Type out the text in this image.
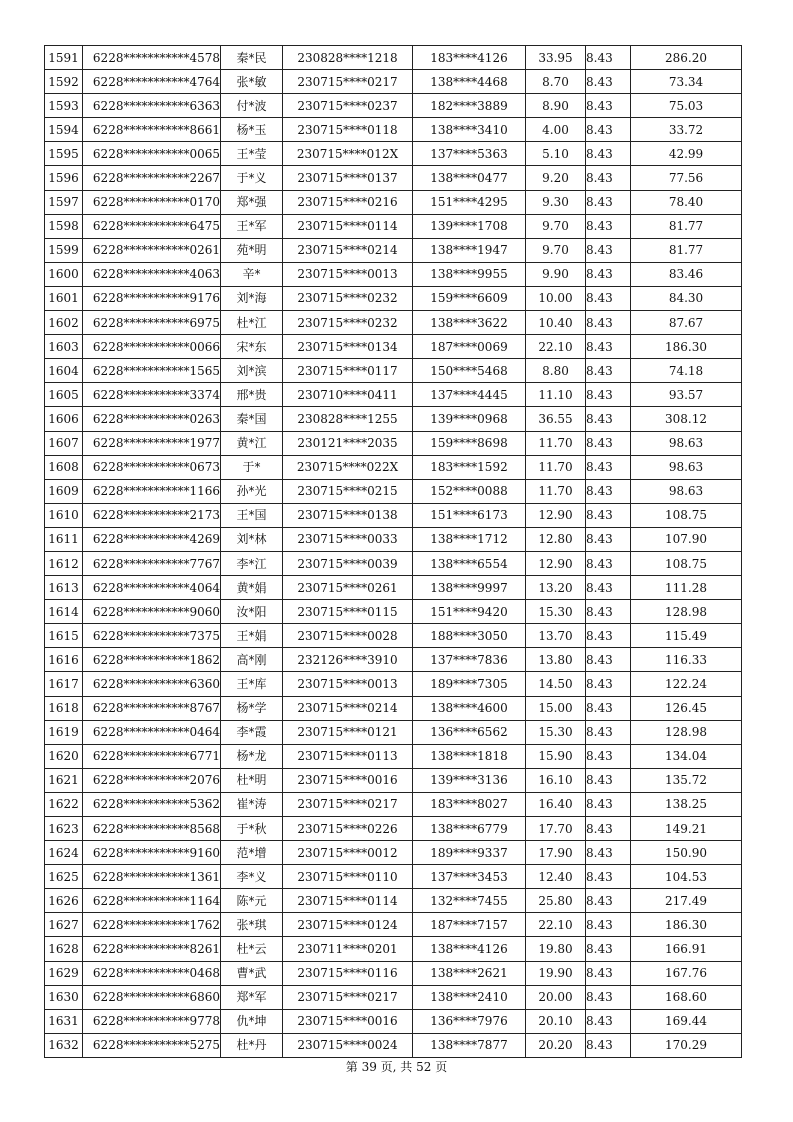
1591	6228***********4578	秦*民	230828****1218	183****4126	33.95	8.43	286.20
1592	6228***********4764	张*敏	230715****0217	138****4468	8.70	8.43	73.34
1593	6228***********6363	付*波	230715****0237	182****3889	8.90	8.43	75.03
1594	6228***********8661	杨*玉	230715****0118	138****3410	4.00	8.43	33.72
1595	6228***********0065	王*莹	230715****012X	137****5363	5.10	8.43	42.99
1596	6228***********2267	于*义	230715****0137	138****0477	9.20	8.43	77.56
1597	6228***********0170	郑*强	230715****0216	151****4295	9.30	8.43	78.40
1598	6228***********6475	王*军	230715****0114	139****1708	9.70	8.43	81.77
1599	6228***********0261	苑*明	230715****0214	138****1947	9.70	8.43	81.77
1600	6228***********4063	辛*	230715****0013	138****9955	9.90	8.43	83.46
1601	6228***********9176	刘*海	230715****0232	159****6609	10.00	8.43	84.30
1602	6228***********6975	杜*江	230715****0232	138****3622	10.40	8.43	87.67
1603	6228***********0066	宋*东	230715****0134	187****0069	22.10	8.43	186.30
1604	6228***********1565	刘*滨	230715****0117	150****5468	8.80	8.43	74.18
1605	6228***********3374	邢*贵	230710****0411	137****4445	11.10	8.43	93.57
1606	6228***********0263	秦*国	230828****1255	139****0968	36.55	8.43	308.12
1607	6228***********1977	黄*江	230121****2035	159****8698	11.70	8.43	98.63
1608	6228***********0673	于*	230715****022X	183****1592	11.70	8.43	98.63
1609	6228***********1166	孙*光	230715****0215	152****0088	11.70	8.43	98.63
1610	6228***********2173	王*国	230715****0138	151****6173	12.90	8.43	108.75
1611	6228***********4269	刘*林	230715****0033	138****1712	12.80	8.43	107.90
1612	6228***********7767	李*江	230715****0039	138****6554	12.90	8.43	108.75
1613	6228***********4064	黄*娟	230715****0261	138****9997	13.20	8.43	111.28
1614	6228***********9060	汝*阳	230715****0115	151****9420	15.30	8.43	128.98
1615	6228***********7375	王*娟	230715****0028	188****3050	13.70	8.43	115.49
1616	6228***********1862	高*刚	232126****3910	137****7836	13.80	8.43	116.33
1617	6228***********6360	王*库	230715****0013	189****7305	14.50	8.43	122.24
1618	6228***********8767	杨*学	230715****0214	138****4600	15.00	8.43	126.45
1619	6228***********0464	李*霞	230715****0121	136****6562	15.30	8.43	128.98
1620	6228***********6771	杨*龙	230715****0113	138****1818	15.90	8.43	134.04
1621	6228***********2076	杜*明	230715****0016	139****3136	16.10	8.43	135.72
1622	6228***********5362	崔*涛	230715****0217	183****8027	16.40	8.43	138.25
1623	6228***********8568	于*秋	230715****0226	138****6779	17.70	8.43	149.21
1624	6228***********9160	范*增	230715****0012	189****9337	17.90	8.43	150.90
1625	6228***********1361	李*义	230715****0110	137****3453	12.40	8.43	104.53
1626	6228***********1164	陈*元	230715****0114	132****7455	25.80	8.43	217.49
1627	6228***********1762	张*琪	230715****0124	187****7157	22.10	8.43	186.30
1628	6228***********8261	杜*云	230711****0201	138****4126	19.80	8.43	166.91
1629	6228***********0468	曹*武	230715****0116	138****2621	19.90	8.43	167.76
1630	6228***********6860	郑*军	230715****0217	138****2410	20.00	8.43	168.60
1631	6228***********9778	仇*坤	230715****0016	136****7976	20.10	8.43	169.44
1632	6228***********5275	杜*丹	230715****0024	138****7877	20.20	8.43	170.29
第 39 页, 共 52 页
